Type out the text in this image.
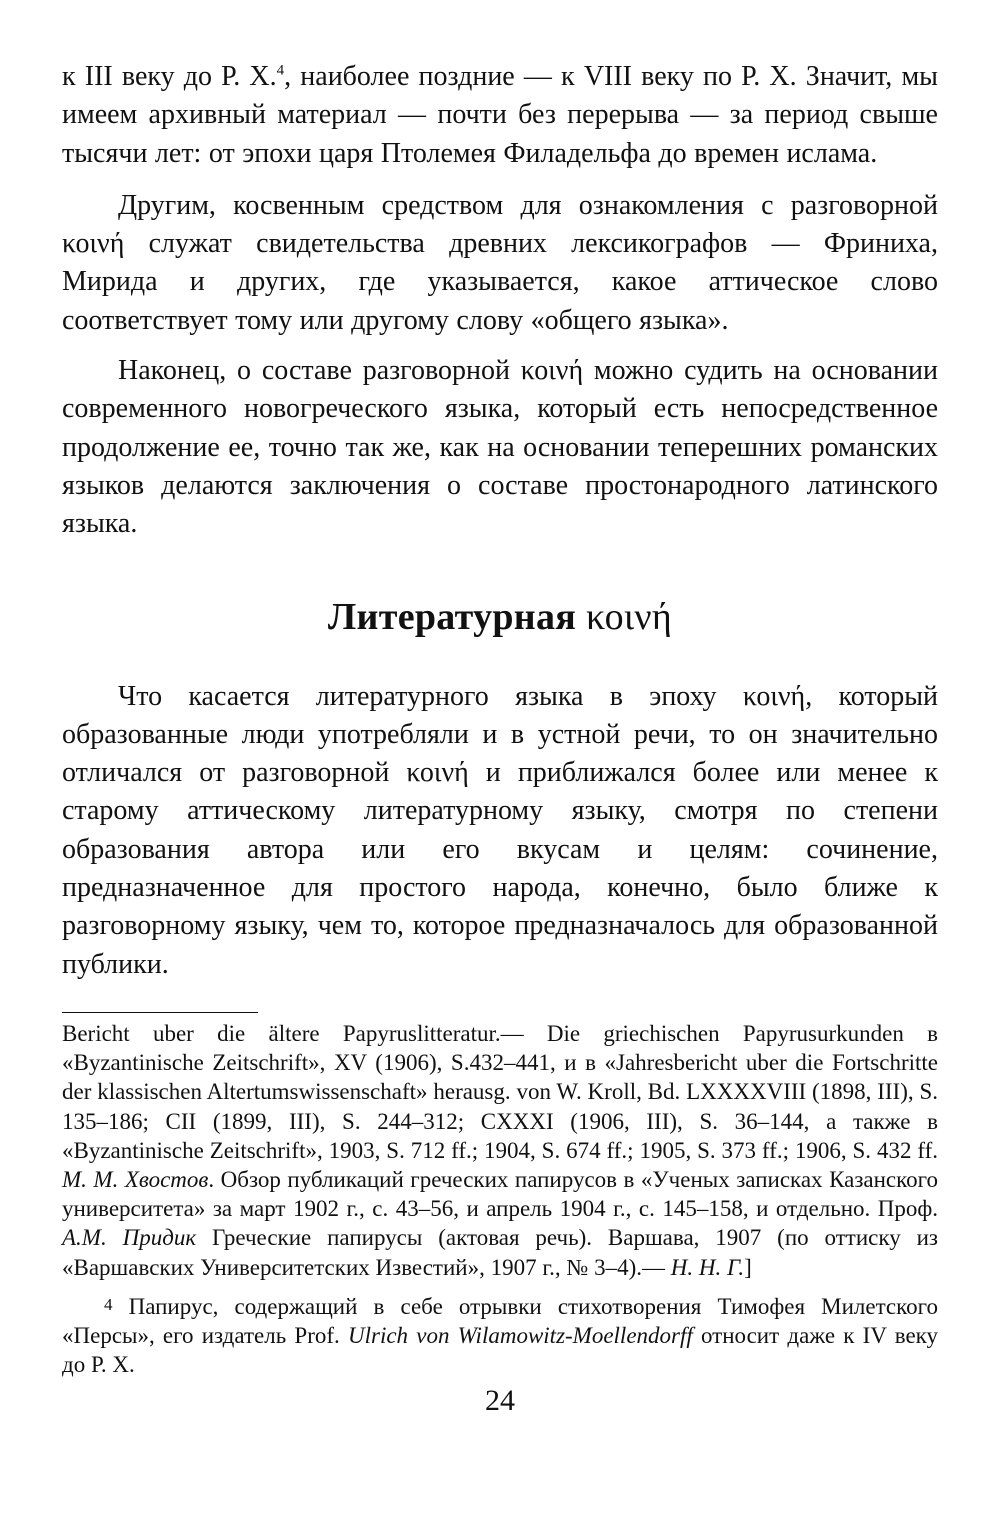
к III веку до Р. Х.$^4$, наиболее поздние — к VIII веку по Р. Х. Значит, мы имеем архивный материал — почти без перерыва — за период свыше тысячи лет: от эпохи царя Птолемея Филадельфа до времен ислама.

Другим, косвенным средством для ознакомления с разговорной κοινή служат свидетельства древних лексикографов — Фриниха, Мирида и других, где указывается, какое аттическое слово соответствует тому или другому слову «общего языка».

Наконец, о составе разговорной κοινή можно судить на основании современного новогреческого языка, который есть непосредственное продолжение ее, точно так же, как на основании теперешних романских языков делаются заключения о составе простонародного латинского языка.

Литературная κοινή

Что касается литературного языка в эпоху κοινή, который образованные люди употребляли и в устной речи, то он значительно отличался от разговорной κοινή и приближался более или менее к старому аттическому литературному языку, смотря по степени образования автора или его вкусам и целям: сочинение, предназначенное для простого народа, конечно, было ближе к разговорному языку, чем то, которое предназначалось для образованной публики.

Bericht uber die ältere Papyruslitteratur.— Die griechischen Papyrusurkunden в «Byzantinische Zeitschrift», XV (1906), S.432–441, и в «Jahresbericht uber die Fortschritte der klassischen Altertumswissenschaft» herausg. von W. Kroll, Bd. LXXXXVIII (1898, III), S. 135–186; CII (1899, III), S. 244–312; CXXXI (1906, III), S. 36–144, а также в «Byzantinische Zeitschrift», 1903, S. 712 ff.; 1904, S. 674 ff.; 1905, S. 373 ff.; 1906, S. 432 ff. М. М. Хвостов. Обзор публикаций греческих папирусов в «Ученых записках Казанского университета» за март 1902 г., с. 43–56, и апрель 1904 г., с. 145–158, и отдельно. Проф. А.М. Придик Греческие папирусы (актовая речь). Варшава, 1907 (по оттиску из «Варшавских Университетских Известий», 1907 г., № 3–4).— Н. Н. Г.]

$^4$ Папирус, содержащий в себе отрывки стихотворения Тимофея Милетского «Персы», его издатель Prof. Ulrich von Wilamowitz-Moellendorff относит даже к IV веку до Р. Х.

24
